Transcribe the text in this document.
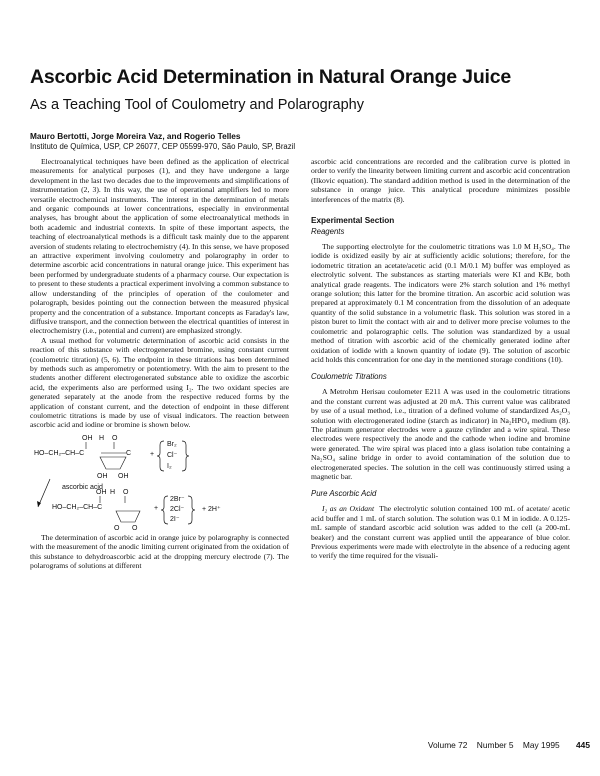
Ascorbic Acid Determination in Natural Orange Juice
As a Teaching Tool of Coulometry and Polarography
Mauro Bertotti, Jorge Moreira Vaz, and Rogerio Telles
Instituto de Química, USP, CP 26077, CEP 05599-970, São Paulo, SP, Brazil

Electroanalytical techniques have been defined as the application of electrical measurements for analytical purposes (1), and they have undergone a large development in the last two decades due to the improvements and simplifications of instrumentation (2, 3). In this way, the use of operational amplifiers led to more versatile electrochemical instruments. The interest in the determination of metals and organic compounds at lower concentrations, especially in environmental analyses, has brought about the application of some electroanalytical methods in both academic and industrial contexts. In spite of these important aspects, the teaching of electroanalytical methods is a difficult task mainly due to the apparent aversion of students relating to electrochemistry (4). In this sense, we have proposed an attractive experiment involving coulometry and polarography in order to determine ascorbic acid concentrations in natural orange juice. This experiment has been performed by undergraduate students of a pharmacy course. Our expectation is to present to these students a practical experiment involving a common substance to allow understanding of the principles of operation of the coulometer and polarograph, besides pointing out the connection between the measured physical property and the concentration of a substance. Important concepts as Faraday's law, diffusive transport, and the connection between the electrical quantities of interest in electrochemistry (i.e., potential and current) are emphasized strongly.

A usual method for volumetric determination of ascorbic acid consists in the reaction of this substance with electrogenerated bromine, using constant current (coulometric titration) (5, 6). The endpoint in these titrations has been determined by methods such as amperometry or potentiometry. With the aim to present to the students another different electrogenerated substance able to oxidize the ascorbic acid, the experiments also are performed using I₂. The two oxidant species are generated separately at the anode from the respective reduced forms by the application of constant current, and the detection of endpoint in these different coulometric titrations is made by use of visual indicators. The reaction between ascorbic acid and iodine or bromine is shown below.

OH H O
HO–CH₂–CH–C	C
OH OH
ascorbic acid
+
Br₂
Cl⁻
I₂
OH H O
HO–CH₂–CH–C
O O
+
2Br⁻
2Cl⁻
2I⁻
+ 2H⁺

The determination of ascorbic acid in orange juice by polarography is connected with the measurement of the anodic limiting current originated from the oxidation of this substance to dehydroascorbic acid at the dropping mercury electrode (7). The polarograms of solutions at different

ascorbic acid concentrations are recorded and the calibration curve is plotted in order to verify the linearity between limiting current and ascorbic acid concentration (Ilkovic equation). The standard addition method is used in the determination of the substance in orange juice. This analytical procedure minimizes possible interferences of the matrix (8).

Experimental Section
Reagents

The supporting electrolyte for the coulometric titrations was 1.0 M H₂SO₄. The iodide is oxidized easily by air at sufficiently acidic solutions; therefore, for the iodometric titration an acetate/acetic acid (0.1 M/0.1 M) buffer was employed as electrolytic solvent. The substances as starting materials were KI and KBr, both analytical grade reagents. The indicators were 2% starch solution and 1% methyl orange solution; this latter for the bromine titration. An ascorbic acid solution was prepared at approximately 0.1 M concentration from the dissolution of an adequate quantity of the solid substance in a volumetric flask. This solution was stored in a piston buret to limit the contact with air and to deliver more precise volumes to the coulometric and polarographic cells. The solution was standardized by a usual method of titration with ascorbic acid of the chemically generated iodine after oxidation of iodide with a known quantity of iodate (9). The solution of ascorbic acid holds this concentration for one day in the mentioned storage conditions (10).

Coulometric Titrations

A Metrohm Herisau coulometer E211 A was used in the coulometric titrations and the constant current was adjusted at 20 mA. This current value was calibrated by use of a usual method, i.e., titration of a defined volume of standardized As₂O₃ solution with electrogenerated iodine (starch as indicator) in Na₂HPO₄ medium (8). The platinum generator electrodes were a gauze cylinder and a wire spiral. These electrodes were respectively the anode and the cathode when iodine and bromine were generated. The wire spiral was placed into a glass isolation tube containing a Na₂SO₄ saline bridge in order to avoid contamination of the solution due to electrogenerated species. The solution in the cell was continuously stirred using a magnetic bar.

Pure Ascorbic Acid

I₂ as an Oxidant The electrolytic solution contained 100 mL of acetate/ acetic acid buffer and 1 mL of starch solution. The solution was 0.1 M in iodide. A 0.125-mL sample of standard ascorbic acid solution was added to the cell (a 200-mL beaker) and the constant current was applied until the appearance of blue color. Previous experiments were made with electrolyte in the absence of a reducing agent to verify the time required for the visuali-

Volume 72 Number 5 May 1995 445
